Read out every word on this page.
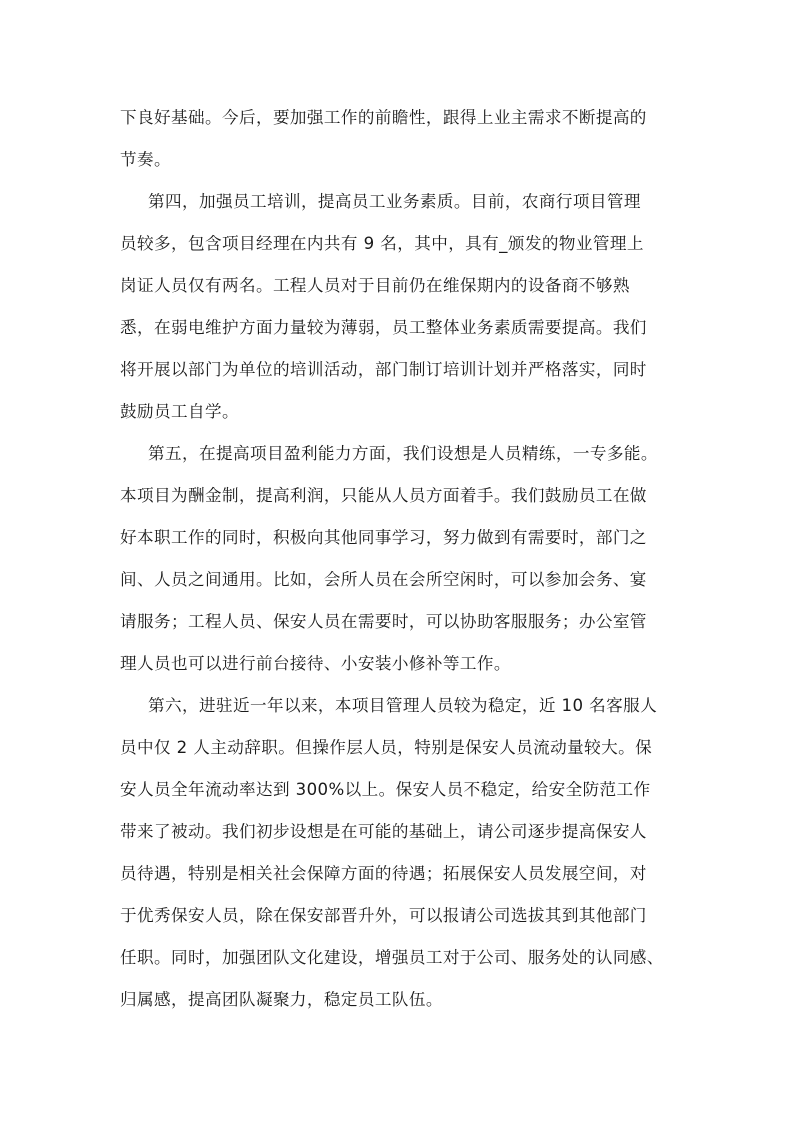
下良好基础。今后，要加强工作的前瞻性，跟得上业主需求不断提高的
节奏。
第四，加强员工培训，提高员工业务素质。目前，农商行项目管理
员较多，包含项目经理在内共有 9 名，其中，具有_颁发的物业管理上
岗证人员仅有两名。工程人员对于目前仍在维保期内的设备商不够熟
悉，在弱电维护方面力量较为薄弱，员工整体业务素质需要提高。我们
将开展以部门为单位的培训活动，部门制订培训计划并严格落实，同时
鼓励员工自学。
第五，在提高项目盈利能力方面，我们设想是人员精练，一专多能。
本项目为酬金制，提高利润，只能从人员方面着手。我们鼓励员工在做
好本职工作的同时，积极向其他同事学习，努力做到有需要时，部门之
间、人员之间通用。比如，会所人员在会所空闲时，可以参加会务、宴
请服务；工程人员、保安人员在需要时，可以协助客服服务；办公室管
理人员也可以进行前台接待、小安装小修补等工作。
第六，进驻近一年以来，本项目管理人员较为稳定，近 10 名客服人
员中仅 2 人主动辞职。但操作层人员，特别是保安人员流动量较大。保
安人员全年流动率达到 300%以上。保安人员不稳定，给安全防范工作
带来了被动。我们初步设想是在可能的基础上，请公司逐步提高保安人
员待遇，特别是相关社会保障方面的待遇；拓展保安人员发展空间，对
于优秀保安人员，除在保安部晋升外，可以报请公司选拔其到其他部门
任职。同时，加强团队文化建设，增强员工对于公司、服务处的认同感、
归属感，提高团队凝聚力，稳定员工队伍。
